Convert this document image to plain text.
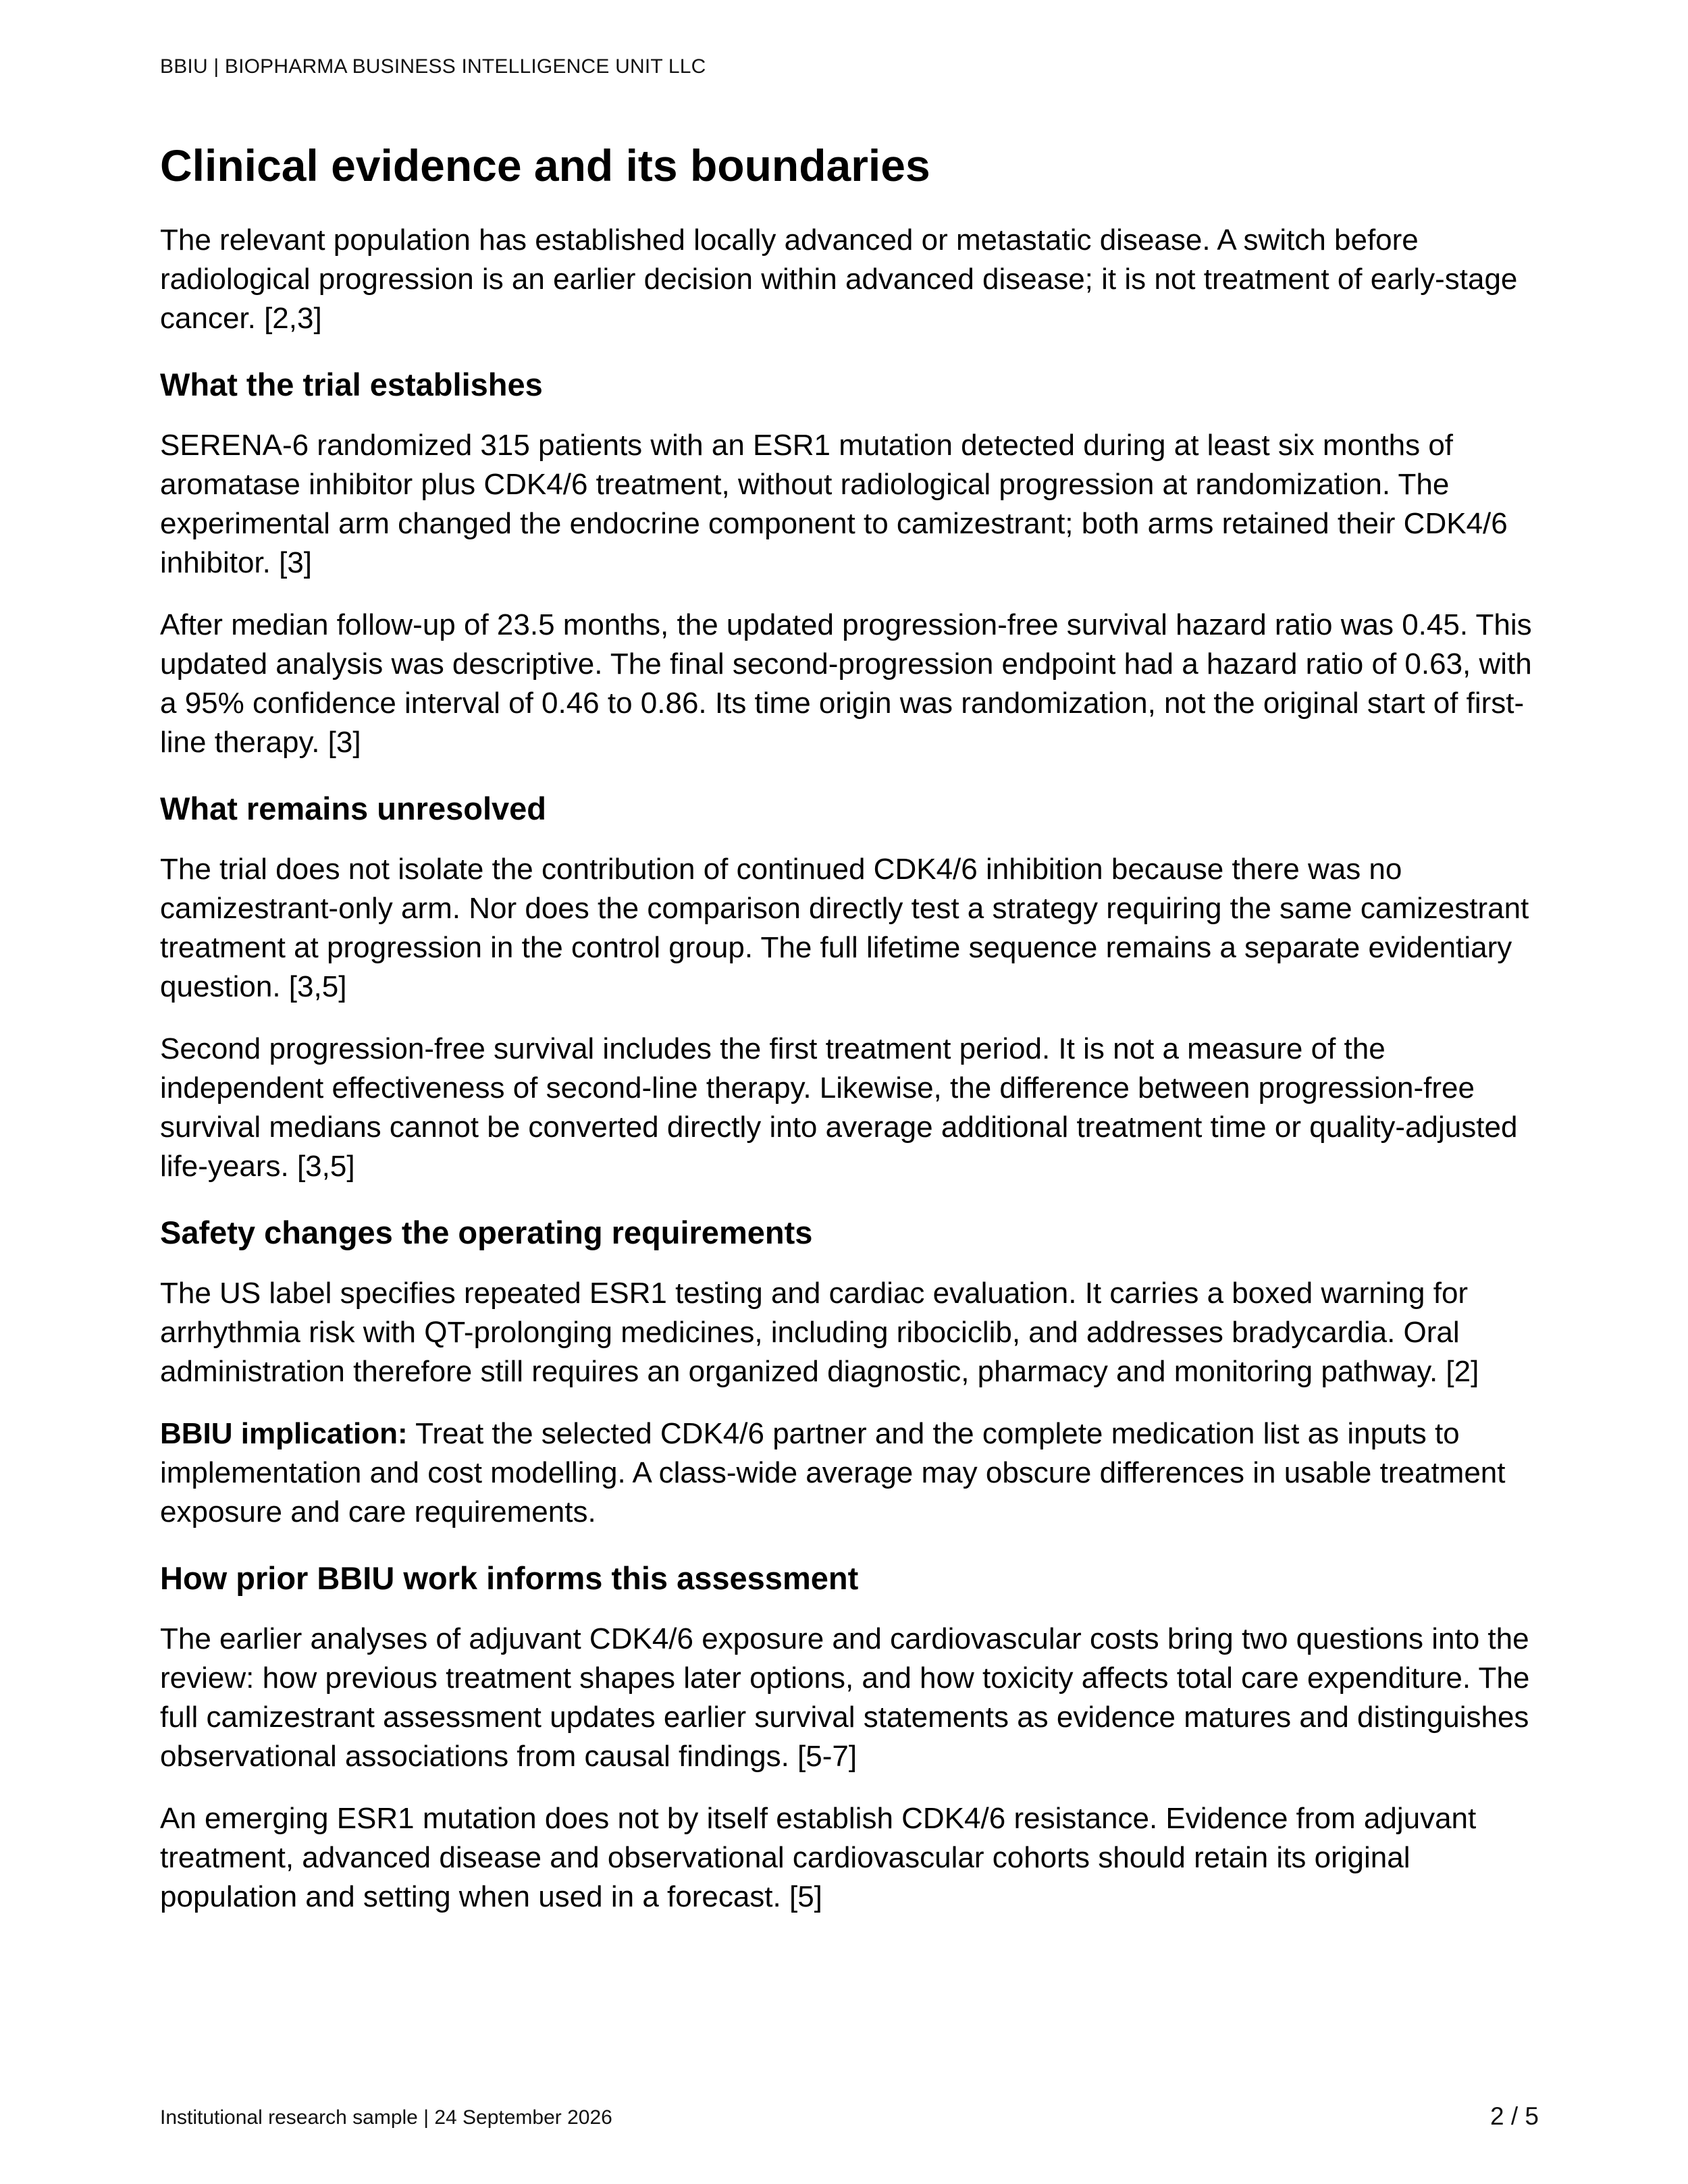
BBIU | BIOPHARMA BUSINESS INTELLIGENCE UNIT LLC
Clinical evidence and its boundaries

The relevant population has established locally advanced or metastatic disease. A switch before radiological progression is an earlier decision within advanced disease; it is not treatment of early-stage cancer. [2,3]

What the trial establishes

SERENA-6 randomized 315 patients with an ESR1 mutation detected during at least six months of aromatase inhibitor plus CDK4/6 treatment, without radiological progression at randomization. The experimental arm changed the endocrine component to camizestrant; both arms retained their CDK4/6 inhibitor. [3]

After median follow-up of 23.5 months, the updated progression-free survival hazard ratio was 0.45. This updated analysis was descriptive. The final second-progression endpoint had a hazard ratio of 0.63, with a 95% confidence interval of 0.46 to 0.86. Its time origin was randomization, not the original start of first-line therapy. [3]

What remains unresolved

The trial does not isolate the contribution of continued CDK4/6 inhibition because there was no camizestrant-only arm. Nor does the comparison directly test a strategy requiring the same camizestrant treatment at progression in the control group. The full lifetime sequence remains a separate evidentiary question. [3,5]

Second progression-free survival includes the first treatment period. It is not a measure of the independent effectiveness of second-line therapy. Likewise, the difference between progression-free survival medians cannot be converted directly into average additional treatment time or quality-adjusted life-years. [3,5]

Safety changes the operating requirements

The US label specifies repeated ESR1 testing and cardiac evaluation. It carries a boxed warning for arrhythmia risk with QT-prolonging medicines, including ribociclib, and addresses bradycardia. Oral administration therefore still requires an organized diagnostic, pharmacy and monitoring pathway. [2]

BBIU implication: Treat the selected CDK4/6 partner and the complete medication list as inputs to implementation and cost modelling. A class-wide average may obscure differences in usable treatment exposure and care requirements.

How prior BBIU work informs this assessment

The earlier analyses of adjuvant CDK4/6 exposure and cardiovascular costs bring two questions into the review: how previous treatment shapes later options, and how toxicity affects total care expenditure. The full camizestrant assessment updates earlier survival statements as evidence matures and distinguishes observational associations from causal findings. [5-7]

An emerging ESR1 mutation does not by itself establish CDK4/6 resistance. Evidence from adjuvant treatment, advanced disease and observational cardiovascular cohorts should retain its original population and setting when used in a forecast. [5]

Institutional research sample | 24 September 2026	2 / 5
